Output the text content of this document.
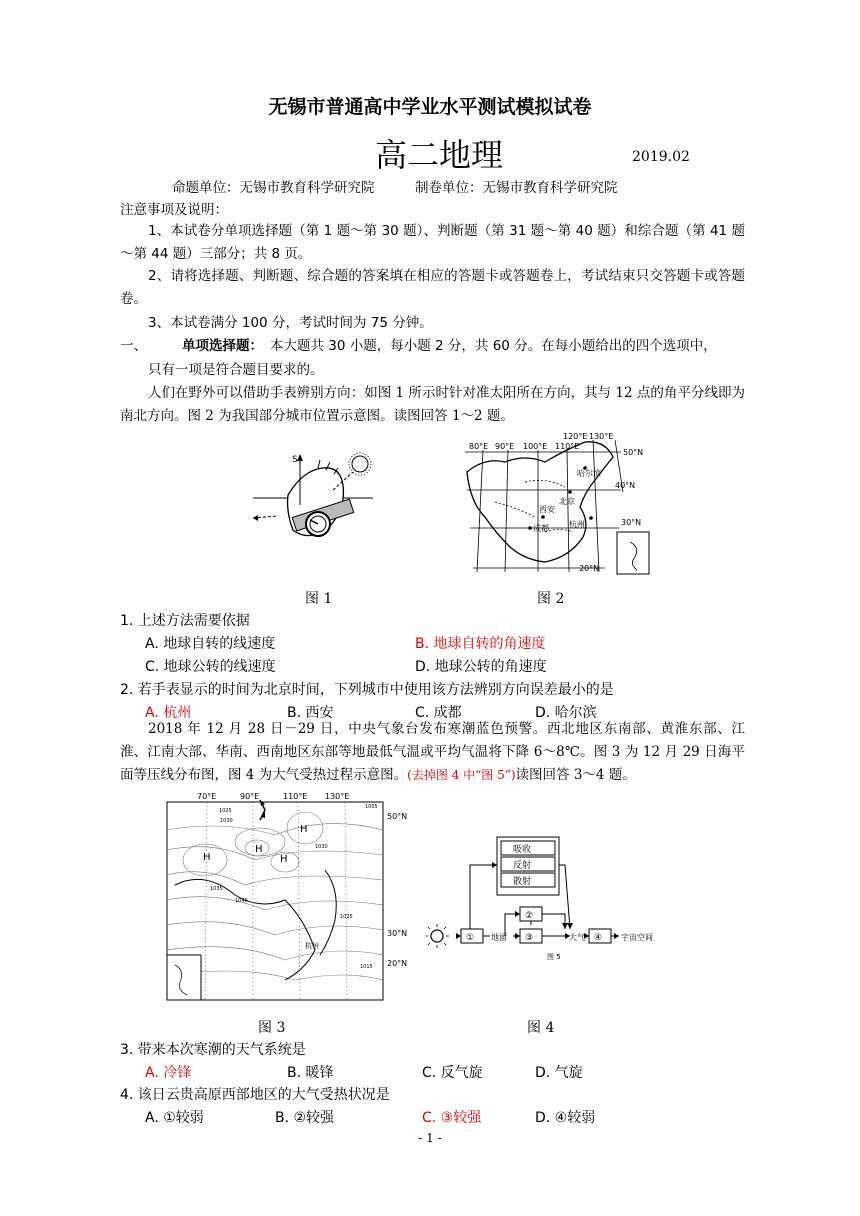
无锡市普通高中学业水平测试模拟试卷
高二地理	2019.02
命题单位：无锡市教育科学研究院　　　制卷单位：无锡市教育科学研究院
注意事项及说明：
1、本试卷分单项选择题（第 1 题～第 30 题）、判断题（第 31 题～第 40 题）和综合题（第 41 题～第 44 题）三部分；共 8 页。
2、请将选择题、判断题、综合题的答案填在相应的答题卡或答题卷上，考试结束只交答题卡或答题卷。
3、本试卷满分 100 分，考试时间为 75 分钟。
一、	单项选择题： 本大题共 30 小题，每小题 2 分，共 60 分。在每小题给出的四个选项中，
只有一项是符合题目要求的。
人们在野外可以借助手表辨别方向：如图 1 所示时针对准太阳所在方向，其与 12 点的角平分线即为南北方向。图 2 为我国部分城市位置示意图。读图回答 1～2 题。
S
图 1
80°E 90°E 100°E 110°E
120°E 130°E
50°N
40°N
30°N
20°N
哈尔滨
北京
西安
成都	杭州
图 2
1. 上述方法需要依据
A. 地球自转的线速度	B. 地球自转的角速度
C. 地球公转的线速度	D. 地球公转的角速度
2. 若手表显示的时间为北京时间，下列城市中使用该方法辨别方向误差最小的是
A. 杭州	B. 西安	C. 成都	D. 哈尔滨
2018 年 12 月 28 日－29 日，中央气象台发布寒潮蓝色预警。西北地区东南部、黄淮东部、江淮、江南大部、华南、西南地区东部等地最低气温或平均气温将下降 6～8℃。图 3 为 12 月 29 日海平面等压线分布图，图 4 为大气受热过程示意图。(去掉图 4 中“图 5”)读图回答 3～4 题。
70°E	90°E	110°E 130°E
50°N
30°N
20°N
H
H
H
H
1025
1030
1035
1040
1005
1025
1030
1015
杭州
图 3
吸收
反射
散射
①
②
③	④
地面	大气	宇宙空间
图 5
图 4
3. 带来本次寒潮的天气系统是
A. 冷锋	B. 暖锋	C. 反气旋	D. 气旋
4. 该日云贵高原西部地区的大气受热状况是
A. ①较弱	B. ②较强	C. ③较强	D. ④较弱
- 1 -
